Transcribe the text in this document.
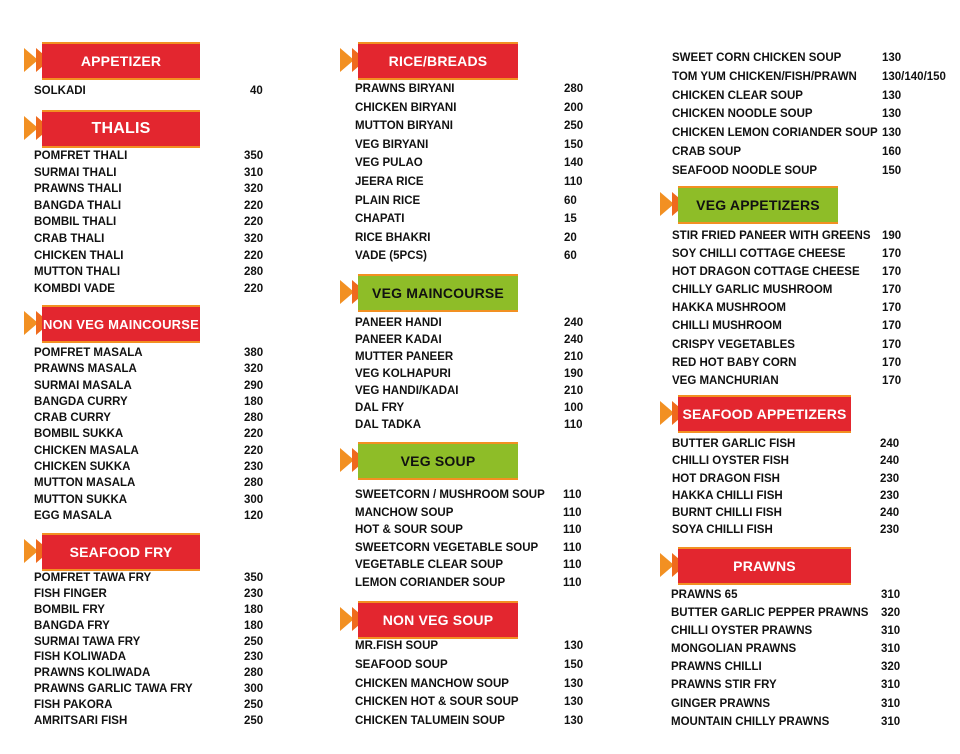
APPETIZER
SOLKADI	40
THALIS
POMFRET THALI	350
SURMAI THALI	310
PRAWNS THALI	320
BANGDA THALI	220
BOMBIL THALI	220
CRAB THALI	320
CHICKEN THALI	220
MUTTON THALI	280
KOMBDI VADE	220
NON VEG MAINCOURSE
POMFRET MASALA	380
PRAWNS MASALA	320
SURMAI MASALA	290
BANGDA CURRY	180
CRAB CURRY	280
BOMBIL SUKKA	220
CHICKEN MASALA	220
CHICKEN SUKKA	230
MUTTON MASALA	280
MUTTON SUKKA	300
EGG MASALA	120
SEAFOOD FRY
POMFRET TAWA FRY	350
FISH FINGER	230
BOMBIL FRY	180
BANGDA FRY	180
SURMAI TAWA FRY	250
FISH KOLIWADA	230
PRAWNS KOLIWADA	280
PRAWNS GARLIC TAWA FRY	300
FISH PAKORA	250
AMRITSARI FISH	250
RICE/BREADS
PRAWNS BIRYANI	280
CHICKEN BIRYANI	200
MUTTON BIRYANI	250
VEG BIRYANI	150
VEG PULAO	140
JEERA RICE	110
PLAIN RICE	60
CHAPATI	15
RICE BHAKRI	20
VADE (5PCS)	60
VEG MAINCOURSE
PANEER HANDI	240
PANEER KADAI	240
MUTTER PANEER	210
VEG KOLHAPURI	190
VEG HANDI/KADAI	210
DAL FRY	100
DAL TADKA	110
VEG SOUP
SWEETCORN / MUSHROOM SOUP 110
MANCHOW SOUP	110
HOT & SOUR SOUP	110
SWEETCORN VEGETABLE SOUP 110
VEGETABLE CLEAR SOUP	110
LEMON CORIANDER SOUP	110
NON VEG SOUP
MR.FISH SOUP	130
SEAFOOD SOUP	150
CHICKEN MANCHOW SOUP	130
CHICKEN HOT & SOUR SOUP	130
CHICKEN TALUMEIN SOUP	130
SWEET CORN CHICKEN SOUP	130
TOM YUM CHICKEN/FISH/PRAWN 130/140/150
CHICKEN CLEAR SOUP	130
CHICKEN NOODLE SOUP	130
CHICKEN LEMON CORIANDER SOUP 130
CRAB SOUP	160
SEAFOOD NOODLE SOUP	150
VEG APPETIZERS
STIR FRIED PANEER WITH GREENS 190
SOY CHILLI COTTAGE CHEESE	170
HOT DRAGON COTTAGE CHEESE 170
CHILLY GARLIC MUSHROOM	170
HAKKA MUSHROOM	170
CHILLI MUSHROOM	170
CRISPY VEGETABLES	170
RED HOT BABY CORN	170
VEG MANCHURIAN	170
SEAFOOD APPETIZERS
BUTTER GARLIC FISH	240
CHILLI OYSTER FISH	240
HOT DRAGON FISH	230
HAKKA CHILLI FISH	230
BURNT CHILLI FISH	240
SOYA CHILLI FISH	230
PRAWNS
PRAWNS 65	310
BUTTER GARLIC PEPPER PRAWNS 320
CHILLI OYSTER PRAWNS	310
MONGOLIAN PRAWNS	310
PRAWNS CHILLI	320
PRAWNS STIR FRY	310
GINGER PRAWNS	310
MOUNTAIN CHILLY PRAWNS	310
